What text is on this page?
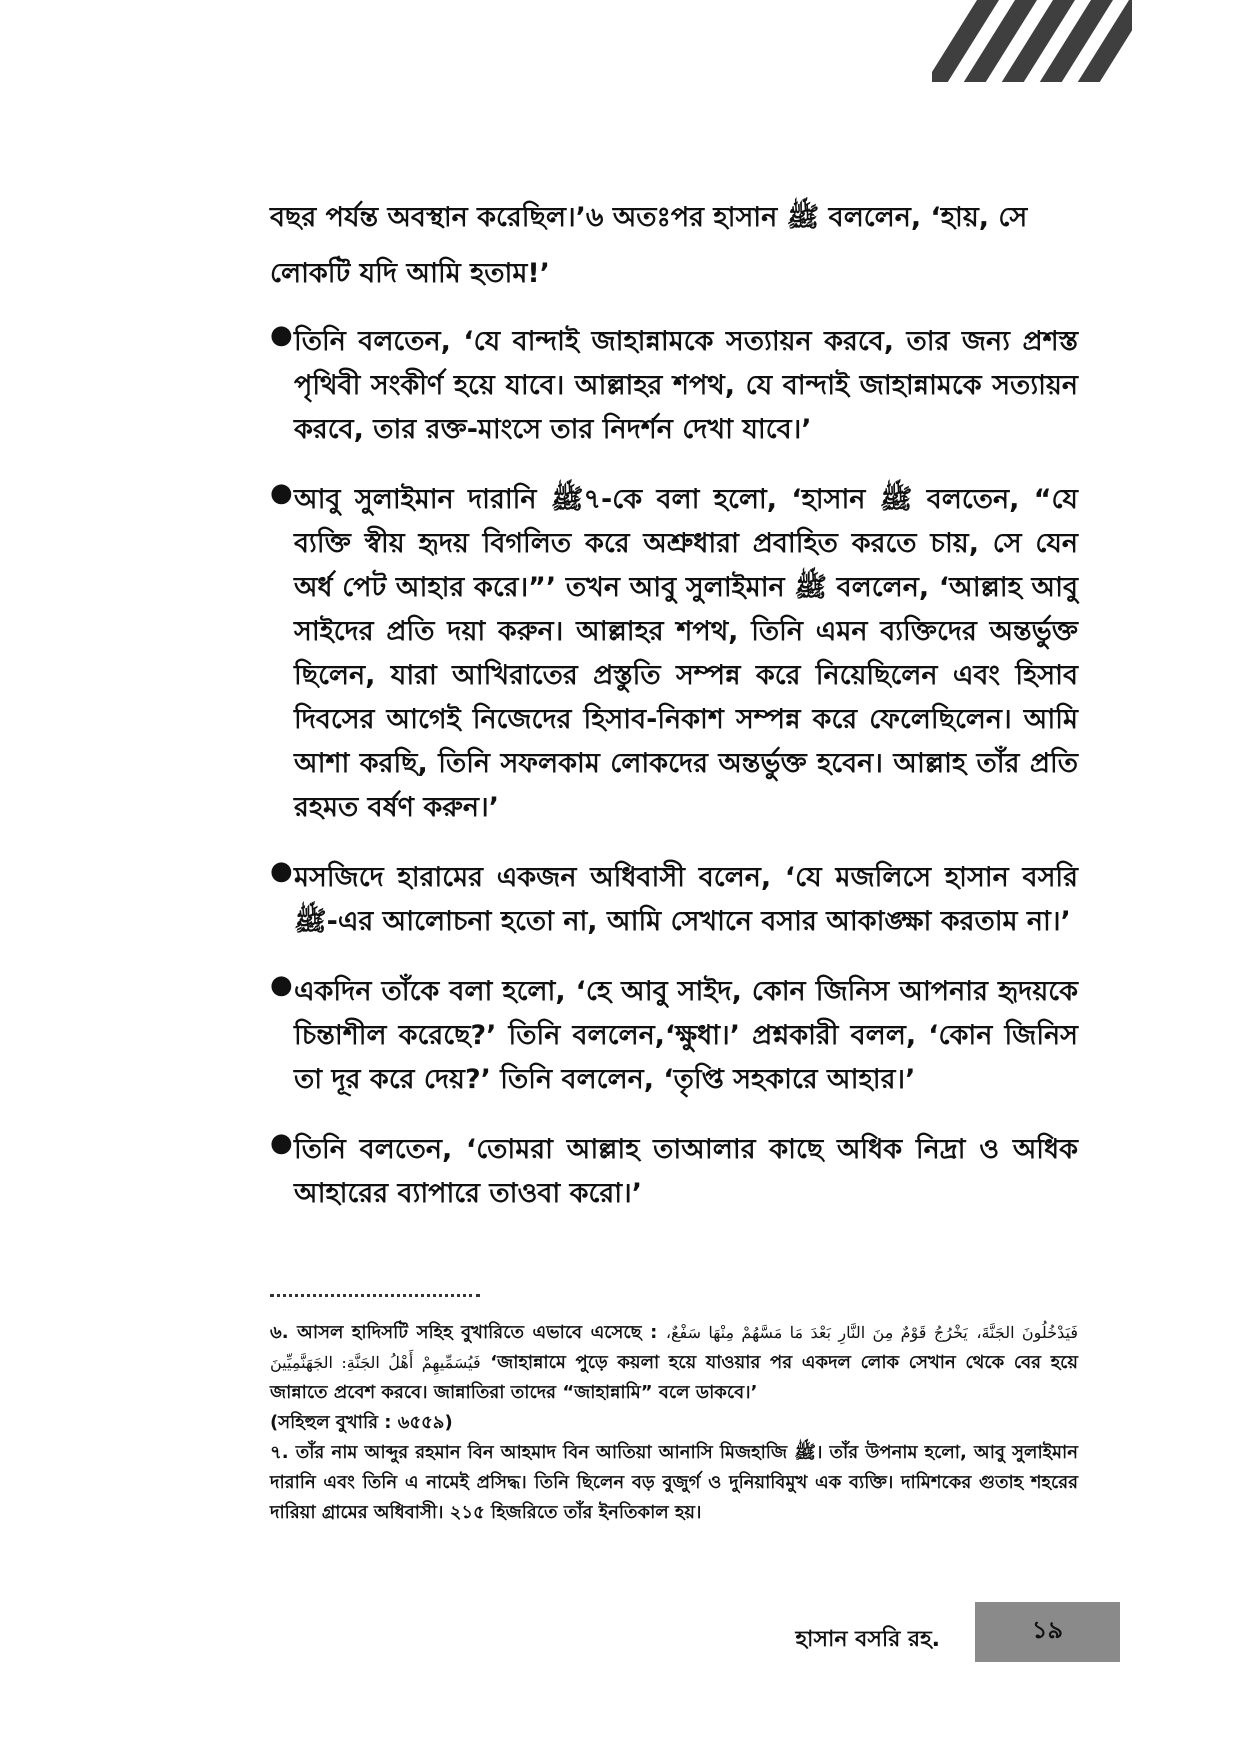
বছর পর্যন্ত অবস্থান করেছিল।’৬ অতঃপর হাসান ﷺ বললেন, ‘হায়, সে
লোকটি যদি আমি হতাম!’
● তিনি বলতেন, ‘যে বান্দাই জাহান্নামকে সত্যায়ন করবে, তার জন্য প্রশস্ত পৃথিবী সংকীর্ণ হয়ে যাবে। আল্লাহর শপথ, যে বান্দাই জাহান্নামকে সত্যায়ন করবে, তার রক্ত-মাংসে তার নিদর্শন দেখা যাবে।’
● আবু সুলাইমান দারানি ﷺ৭-কে বলা হলো, ‘হাসান ﷺ বলতেন, “যে ব্যক্তি স্বীয় হৃদয় বিগলিত করে অশ্রুধারা প্রবাহিত করতে চায়, সে যেন অর্ধ পেট আহার করে।”’ তখন আবু সুলাইমান ﷺ বললেন, ‘আল্লাহ আবু সাইদের প্রতি দয়া করুন। আল্লাহর শপথ, তিনি এমন ব্যক্তিদের অন্তর্ভুক্ত ছিলেন, যারা আখিরাতের প্রস্তুতি সম্পন্ন করে নিয়েছিলেন এবং হিসাব দিবসের আগেই নিজেদের হিসাব-নিকাশ সম্পন্ন করে ফেলেছিলেন। আমি আশা করছি, তিনি সফলকাম লোকদের অন্তর্ভুক্ত হবেন। আল্লাহ তাঁর প্রতি রহমত বর্ষণ করুন।’
● মসজিদে হারামের একজন অধিবাসী বলেন, ‘যে মজলিসে হাসান বসরি ﷺ-এর আলোচনা হতো না, আমি সেখানে বসার আকাঙ্ক্ষা করতাম না।’
● একদিন তাঁকে বলা হলো, ‘হে আবু সাইদ, কোন জিনিস আপনার হৃদয়কে চিন্তাশীল করেছে?’ তিনি বললেন,‘ক্ষুধা।’ প্রশ্নকারী বলল, ‘কোন জিনিস তা দূর করে দেয়?’ তিনি বললেন, ‘তৃপ্তি সহকারে আহার।’
● তিনি বলতেন, ‘তোমরা আল্লাহ তাআলার কাছে অধিক নিদ্রা ও অধিক আহারের ব্যাপারে তাওবা করো।’
৬. আসল হাদিসটি সহিহ বুখারিতে এভাবে এসেছে : يَخْرُجُ قَوْمٌ مِنَ النَّارِ بَعْدَ مَا مَسَّهُمْ مِنْهَا سَفْعٌ، فَيَدْخُلُونَ الجَنَّةَ، فَيُسَمِّيهِمْ أَهْلُ الجَنَّةِ: الجَهَنَّمِيِّينَ ‘জাহান্নামে পুড়ে কয়লা হয়ে যাওয়ার পর একদল লোক সেখান থেকে বের হয়ে জান্নাতে প্রবেশ করবে। জান্নাতিরা তাদের “জাহান্নামি” বলে ডাকবে।’
(সহিহুল বুখারি : ৬৫৫৯)
৭. তাঁর নাম আব্দুর রহমান বিন আহমাদ বিন আতিয়া আনাসি মিজহাজি ﷺ। তাঁর উপনাম হলো, আবু সুলাইমান দারানি এবং তিনি এ নামেই প্রসিদ্ধ। তিনি ছিলেন বড় বুজুর্গ ও দুনিয়াবিমুখ এক ব্যক্তি। দামিশকের গুতাহ শহরের দারিয়া গ্রামের অধিবাসী। ২১৫ হিজরিতে তাঁর ইনতিকাল হয়।
হাসান বসরি রহ.	১৯
